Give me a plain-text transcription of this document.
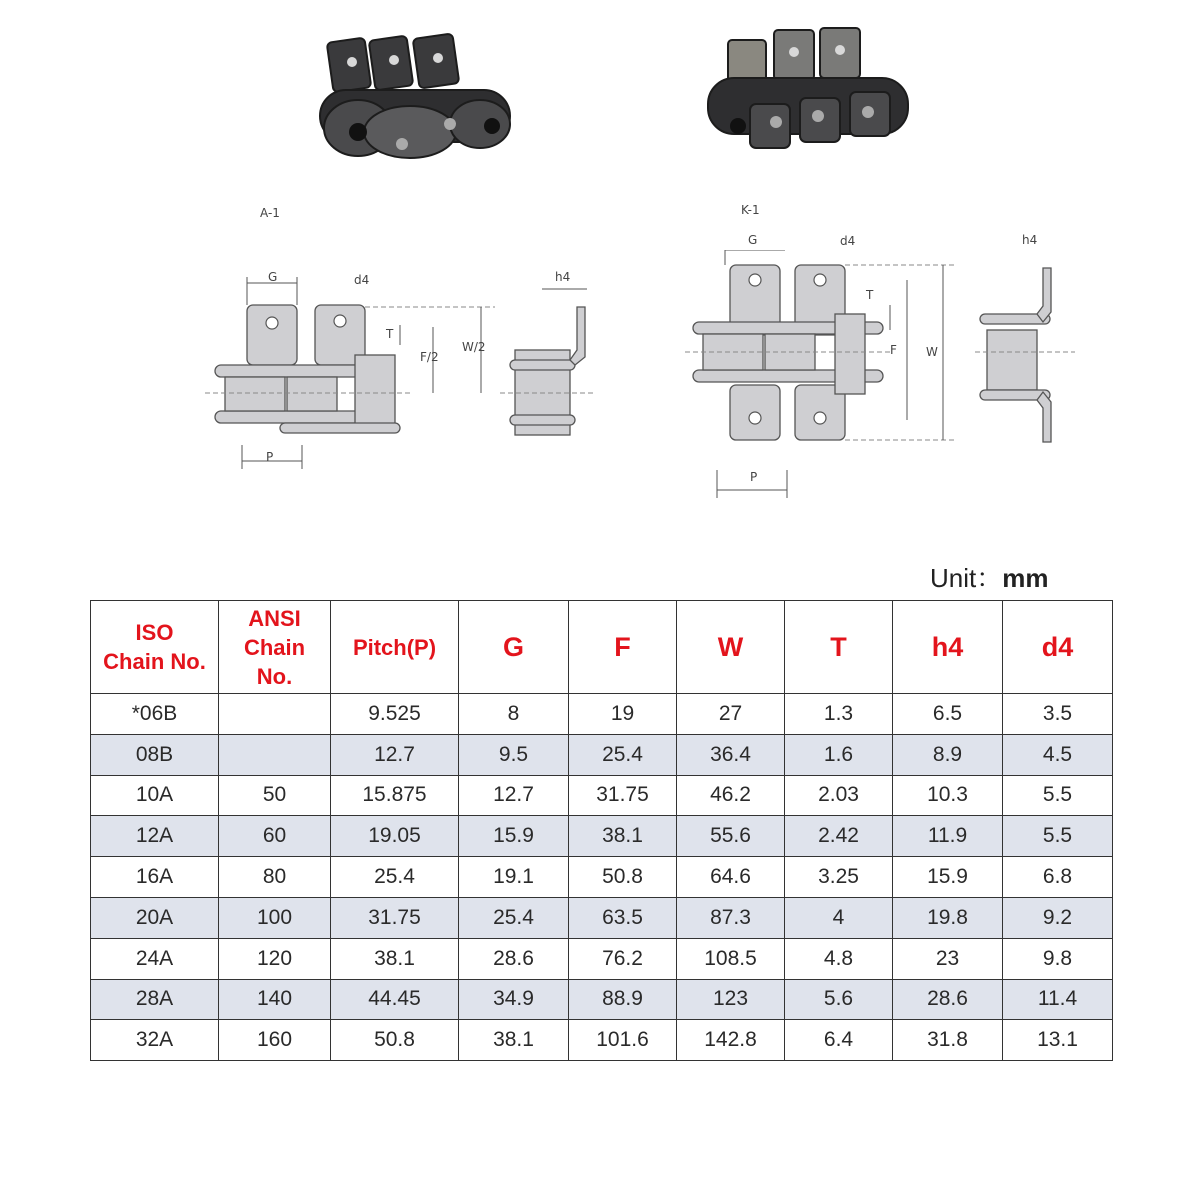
A-1
G	d4
T
F/2
W/2
h4
P
K-1
G	d4
T
F W
h4
P
Unit：mm
ISO
Chain No.	ANSI
Chain
No.	Pitch(P)	G	F	W	T	h4	d4
*06B		9.525	8	19	27	1.3	6.5	3.5
08B		12.7	9.5	25.4	36.4	1.6	8.9	4.5
10A	50	15.875	12.7	31.75	46.2	2.03	10.3	5.5
12A	60	19.05	15.9	38.1	55.6	2.42	11.9	5.5
16A	80	25.4	19.1	50.8	64.6	3.25	15.9	6.8
20A	100	31.75	25.4	63.5	87.3	4	19.8	9.2
24A	120	38.1	28.6	76.2	108.5	4.8	23	9.8
28A	140	44.45	34.9	88.9	123	5.6	28.6	11.4
32A	160	50.8	38.1	101.6	142.8	6.4	31.8	13.1
